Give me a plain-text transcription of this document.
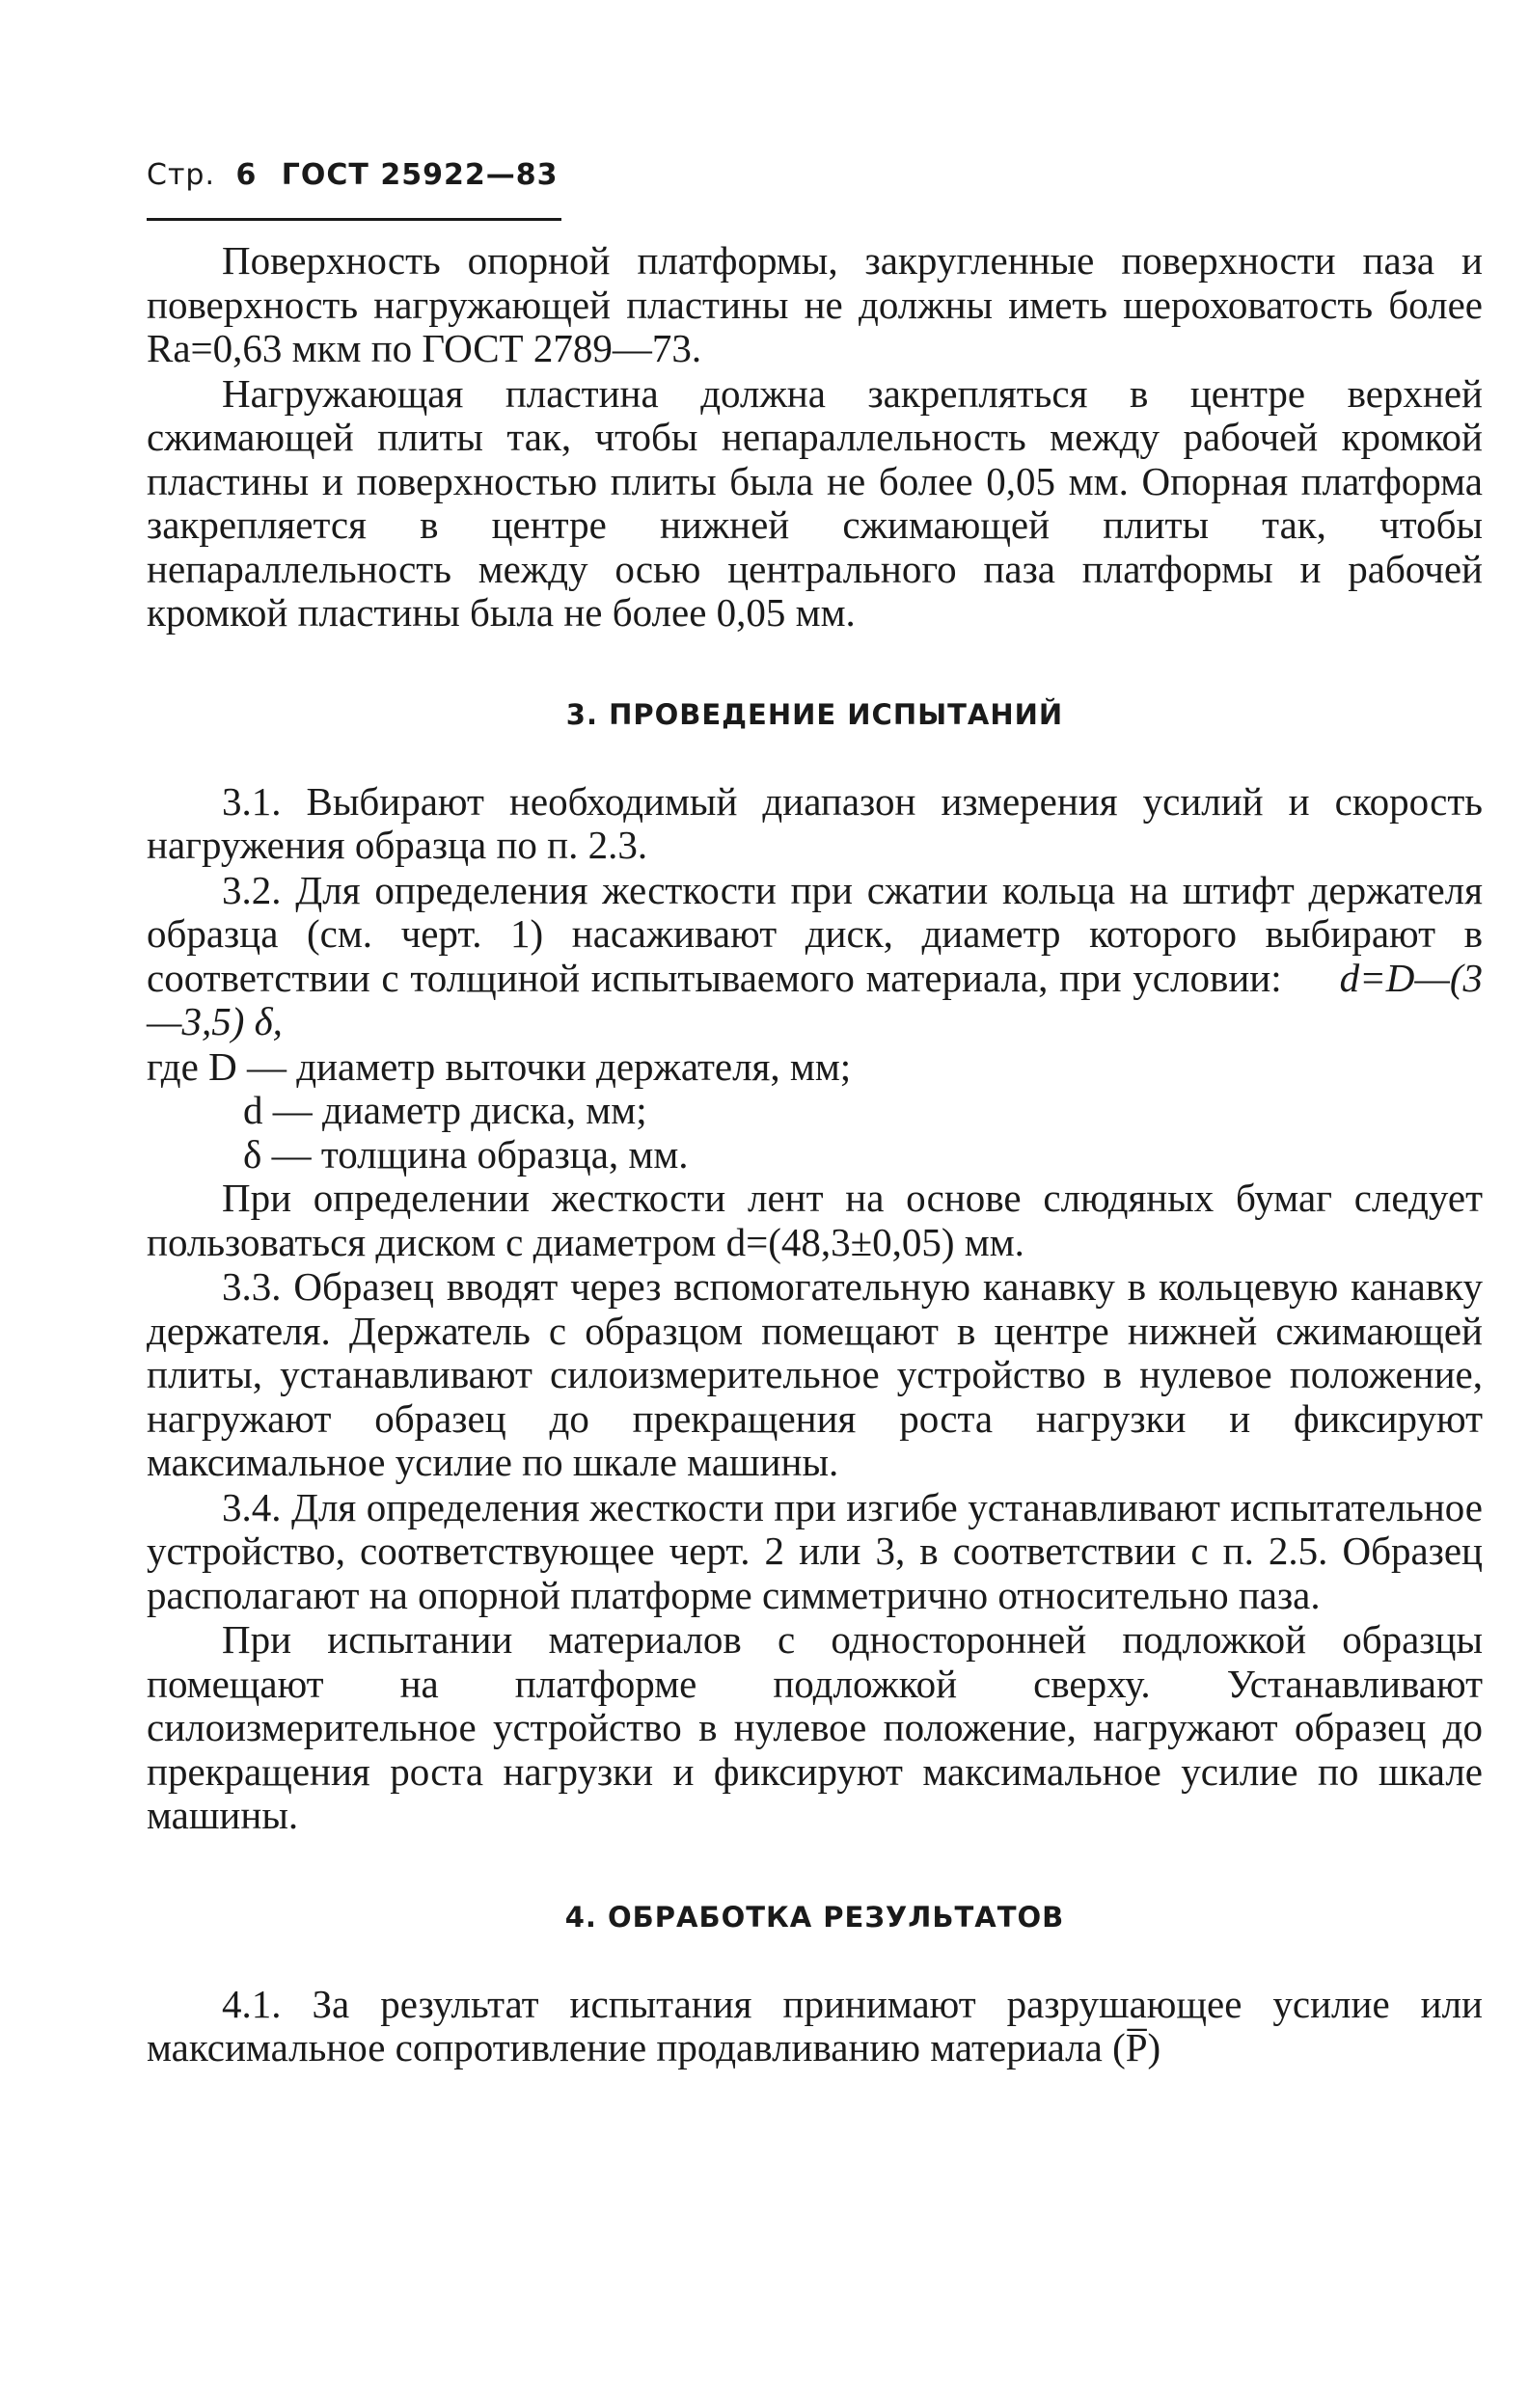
Стр. 6 ГОСТ 25922—83

Поверхность опорной платформы, закругленные поверхности паза и поверхность нагружающей пластины не должны иметь шероховатость более Ra=0,63 мкм по ГОСТ 2789—73.

Нагружающая пластина должна закрепляться в центре верхней сжимающей плиты так, чтобы непараллельность между рабочей кромкой пластины и поверхностью плиты была не более 0,05 мм. Опорная платформа закрепляется в центре нижней сжимающей плиты так, чтобы непараллельность между осью центрального паза платформы и рабочей кромкой пластины была не более 0,05 мм.

3. ПРОВЕДЕНИЕ ИСПЫТАНИЙ

3.1. Выбирают необходимый диапазон измерения усилий и скорость нагружения образца по п. 2.3.

3.2. Для определения жесткости при сжатии кольца на штифт держателя образца (см. черт. 1) насаживают диск, диаметр которого выбирают в соответствии с толщиной испытываемого материала, при условии: d=D—(3—3,5) δ,

где D — диаметр выточки держателя, мм;

d — диаметр диска, мм;

δ — толщина образца, мм.

При определении жесткости лент на основе слюдяных бумаг следует пользоваться диском с диаметром d=(48,3±0,05) мм.

3.3. Образец вводят через вспомогательную канавку в кольцевую канавку держателя. Держатель с образцом помещают в центре нижней сжимающей плиты, устанавливают силоизмерительное устройство в нулевое положение, нагружают образец до прекращения роста нагрузки и фиксируют максимальное усилие по шкале машины.

3.4. Для определения жесткости при изгибе устанавливают испытательное устройство, соответствующее черт. 2 или 3, в соответствии с п. 2.5. Образец располагают на опорной платформе симметрично относительно паза.

При испытании материалов с односторонней подложкой образцы помещают на платформе подложкой сверху. Устанавливают силоизмерительное устройство в нулевое положение, нагружают образец до прекращения роста нагрузки и фиксируют максимальное усилие по шкале машины.

4. ОБРАБОТКА РЕЗУЛЬТАТОВ

4.1. За результат испытания принимают разрушающее усилие или максимальное сопротивление продавливанию материала (P̅)
